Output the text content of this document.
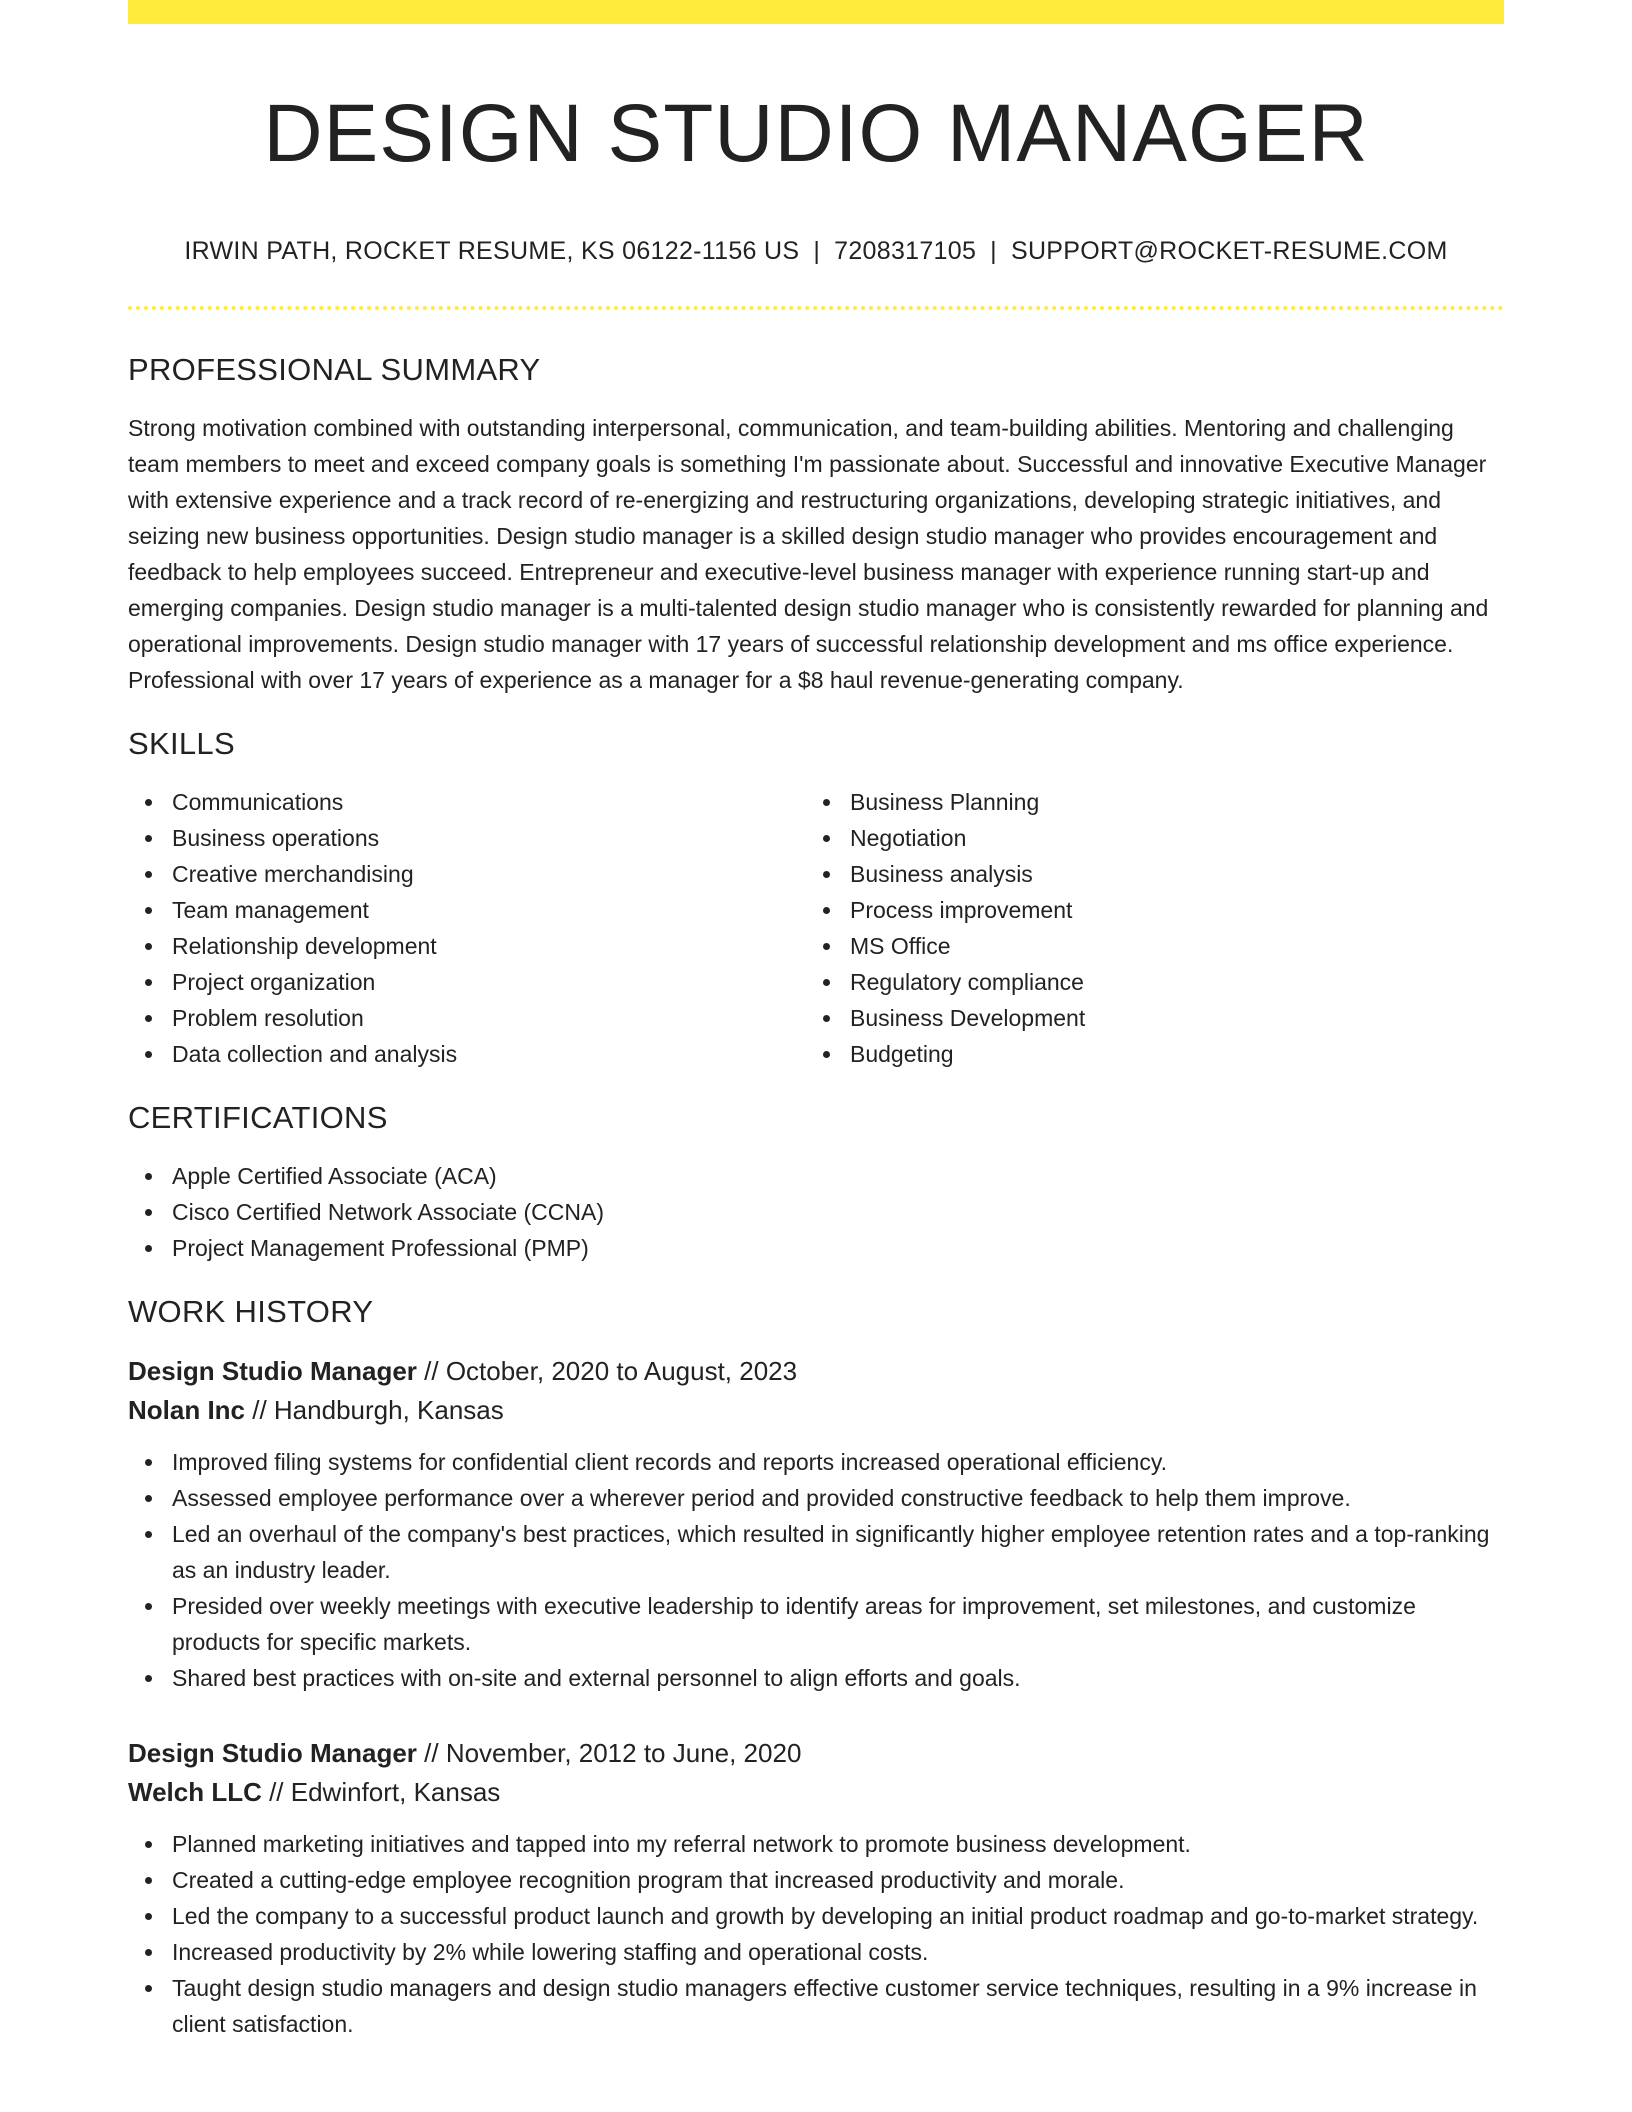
DESIGN STUDIO MANAGER
IRWIN PATH, ROCKET RESUME, KS 06122-1156 US | 7208317105 | SUPPORT@ROCKET-RESUME.COM
PROFESSIONAL SUMMARY

Strong motivation combined with outstanding interpersonal, communication, and team-building abilities. Mentoring and challenging team members to meet and exceed company goals is something I'm passionate about. Successful and innovative Executive Manager with extensive experience and a track record of re-energizing and restructuring organizations, developing strategic initiatives, and seizing new business opportunities. Design studio manager is a skilled design studio manager who provides encouragement and feedback to help employees succeed. Entrepreneur and executive-level business manager with experience running start-up and emerging companies. Design studio manager is a multi-talented design studio manager who is consistently rewarded for planning and operational improvements. Design studio manager with 17 years of successful relationship development and ms office experience. Professional with over 17 years of experience as a manager for a $8 haul revenue-generating company.

SKILLS
Communications
Business operations
Creative merchandising
Team management
Relationship development
Project organization
Problem resolution
Data collection and analysis
Business Planning
Negotiation
Business analysis
Process improvement
MS Office
Regulatory compliance
Business Development
Budgeting
CERTIFICATIONS
Apple Certified Associate (ACA)
Cisco Certified Network Associate (CCNA)
Project Management Professional (PMP)
WORK HISTORY
Design Studio Manager // October, 2020 to August, 2023
Nolan Inc // Handburgh, Kansas
Improved filing systems for confidential client records and reports increased operational efficiency.
Assessed employee performance over a wherever period and provided constructive feedback to help them improve.
Led an overhaul of the company's best practices, which resulted in significantly higher employee retention rates and a top-ranking as an industry leader.
Presided over weekly meetings with executive leadership to identify areas for improvement, set milestones, and customize products for specific markets.
Shared best practices with on-site and external personnel to align efforts and goals.
Design Studio Manager // November, 2012 to June, 2020
Welch LLC // Edwinfort, Kansas
Planned marketing initiatives and tapped into my referral network to promote business development.
Created a cutting-edge employee recognition program that increased productivity and morale.
Led the company to a successful product launch and growth by developing an initial product roadmap and go-to-market strategy.
Increased productivity by 2% while lowering staffing and operational costs.
Taught design studio managers and design studio managers effective customer service techniques, resulting in a 9% increase in client satisfaction.
